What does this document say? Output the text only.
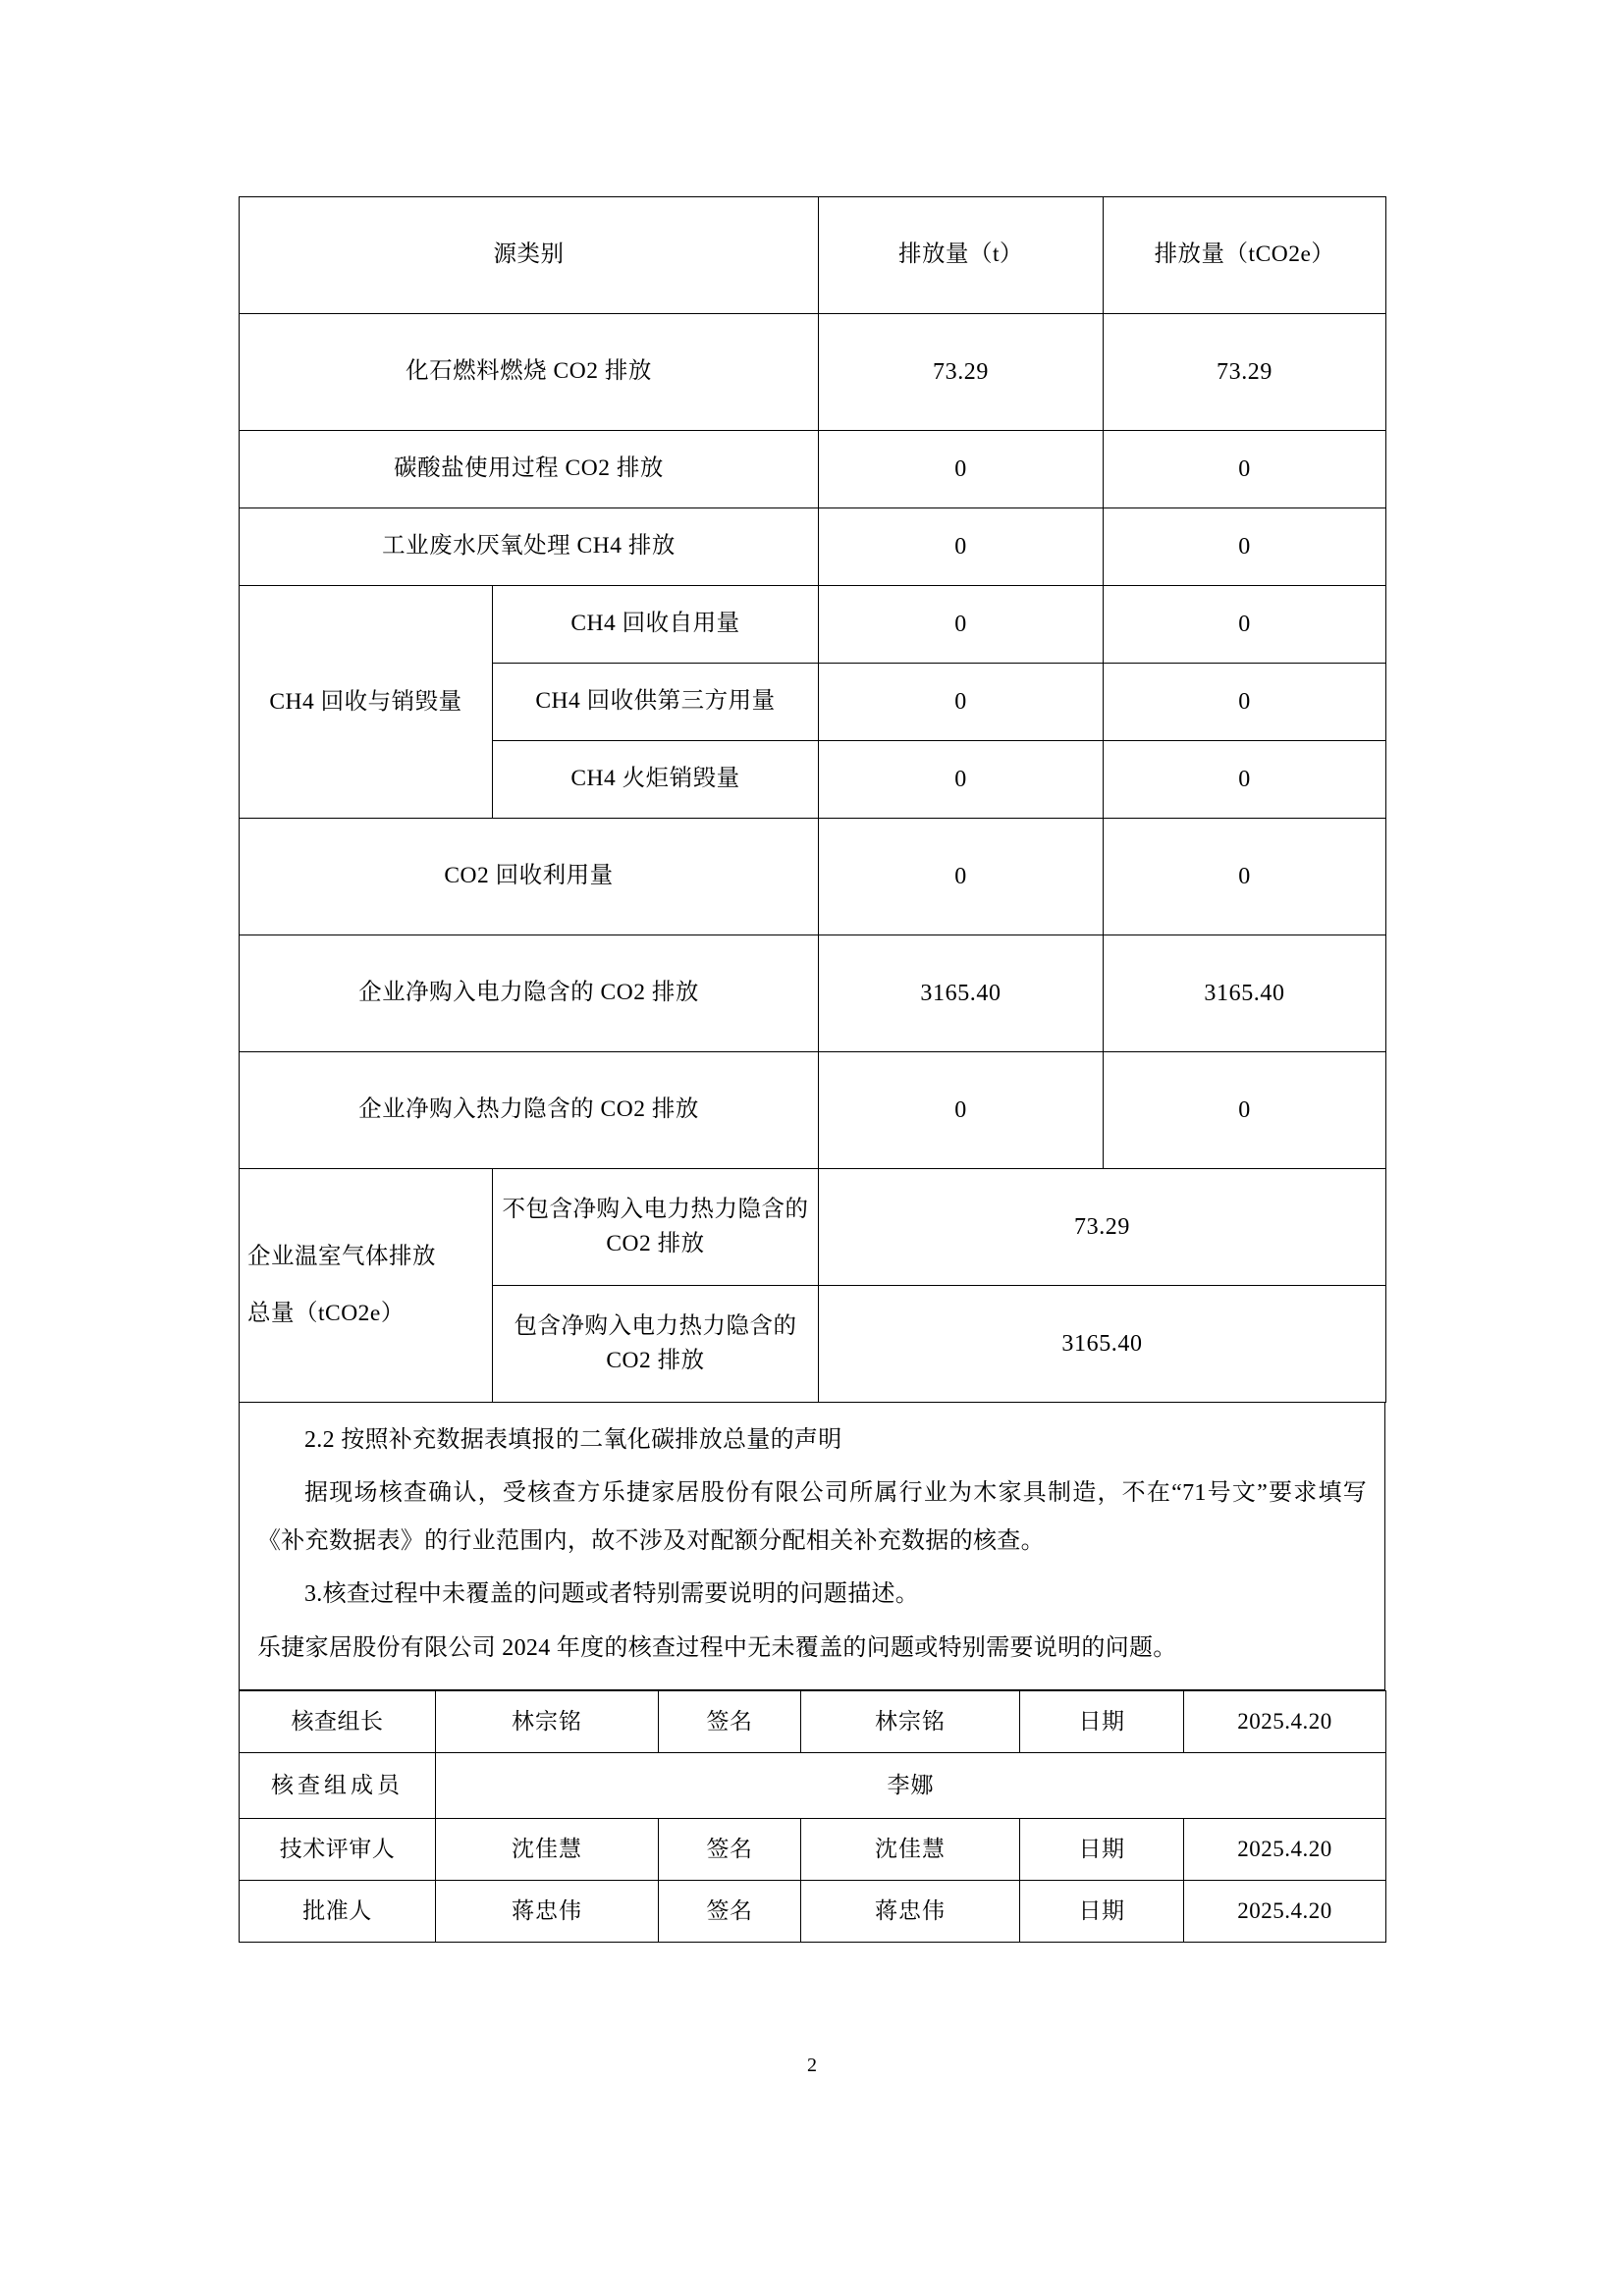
源类别		排放量（t）	排放量（tCO2e）
化石燃料燃烧 CO2 排放		73.29	73.29
碳酸盐使用过程 CO2 排放		0	0
工业废水厌氧处理 CH4 排放		0	0
CH4 回收与销毁量	CH4 回收自用量	0	0
	CH4 回收供第三方用量	0	0
	CH4 火炬销毁量	0	0
CO2 回收利用量		0	0
企业净购入电力隐含的 CO2 排放		3165.40	3165.40
企业净购入热力隐含的 CO2 排放		0	0
企业温室气体排放
总量（tCO2e）	不包含净购入电力热力隐含的 CO2 排放	73.29	
	包含净购入电力热力隐含的 CO2 排放	3165.40	

2.2 按照补充数据表填报的二氧化碳排放总量的声明

据现场核查确认，受核查方乐捷家居股份有限公司所属行业为木家具制造，不在“71号文”要求填写《补充数据表》的行业范围内，故不涉及对配额分配相关补充数据的核查。

3.核查过程中未覆盖的问题或者特别需要说明的问题描述。

乐捷家居股份有限公司 2024 年度的核查过程中无未覆盖的问题或特别需要说明的问题。

核查组长	林宗铭	签名	林宗铭	日期	2025.4.20
核查组成员	李娜				
技术评审人	沈佳慧	签名	沈佳慧	日期	2025.4.20
批准人	蒋忠伟	签名	蒋忠伟	日期	2025.4.20
2
